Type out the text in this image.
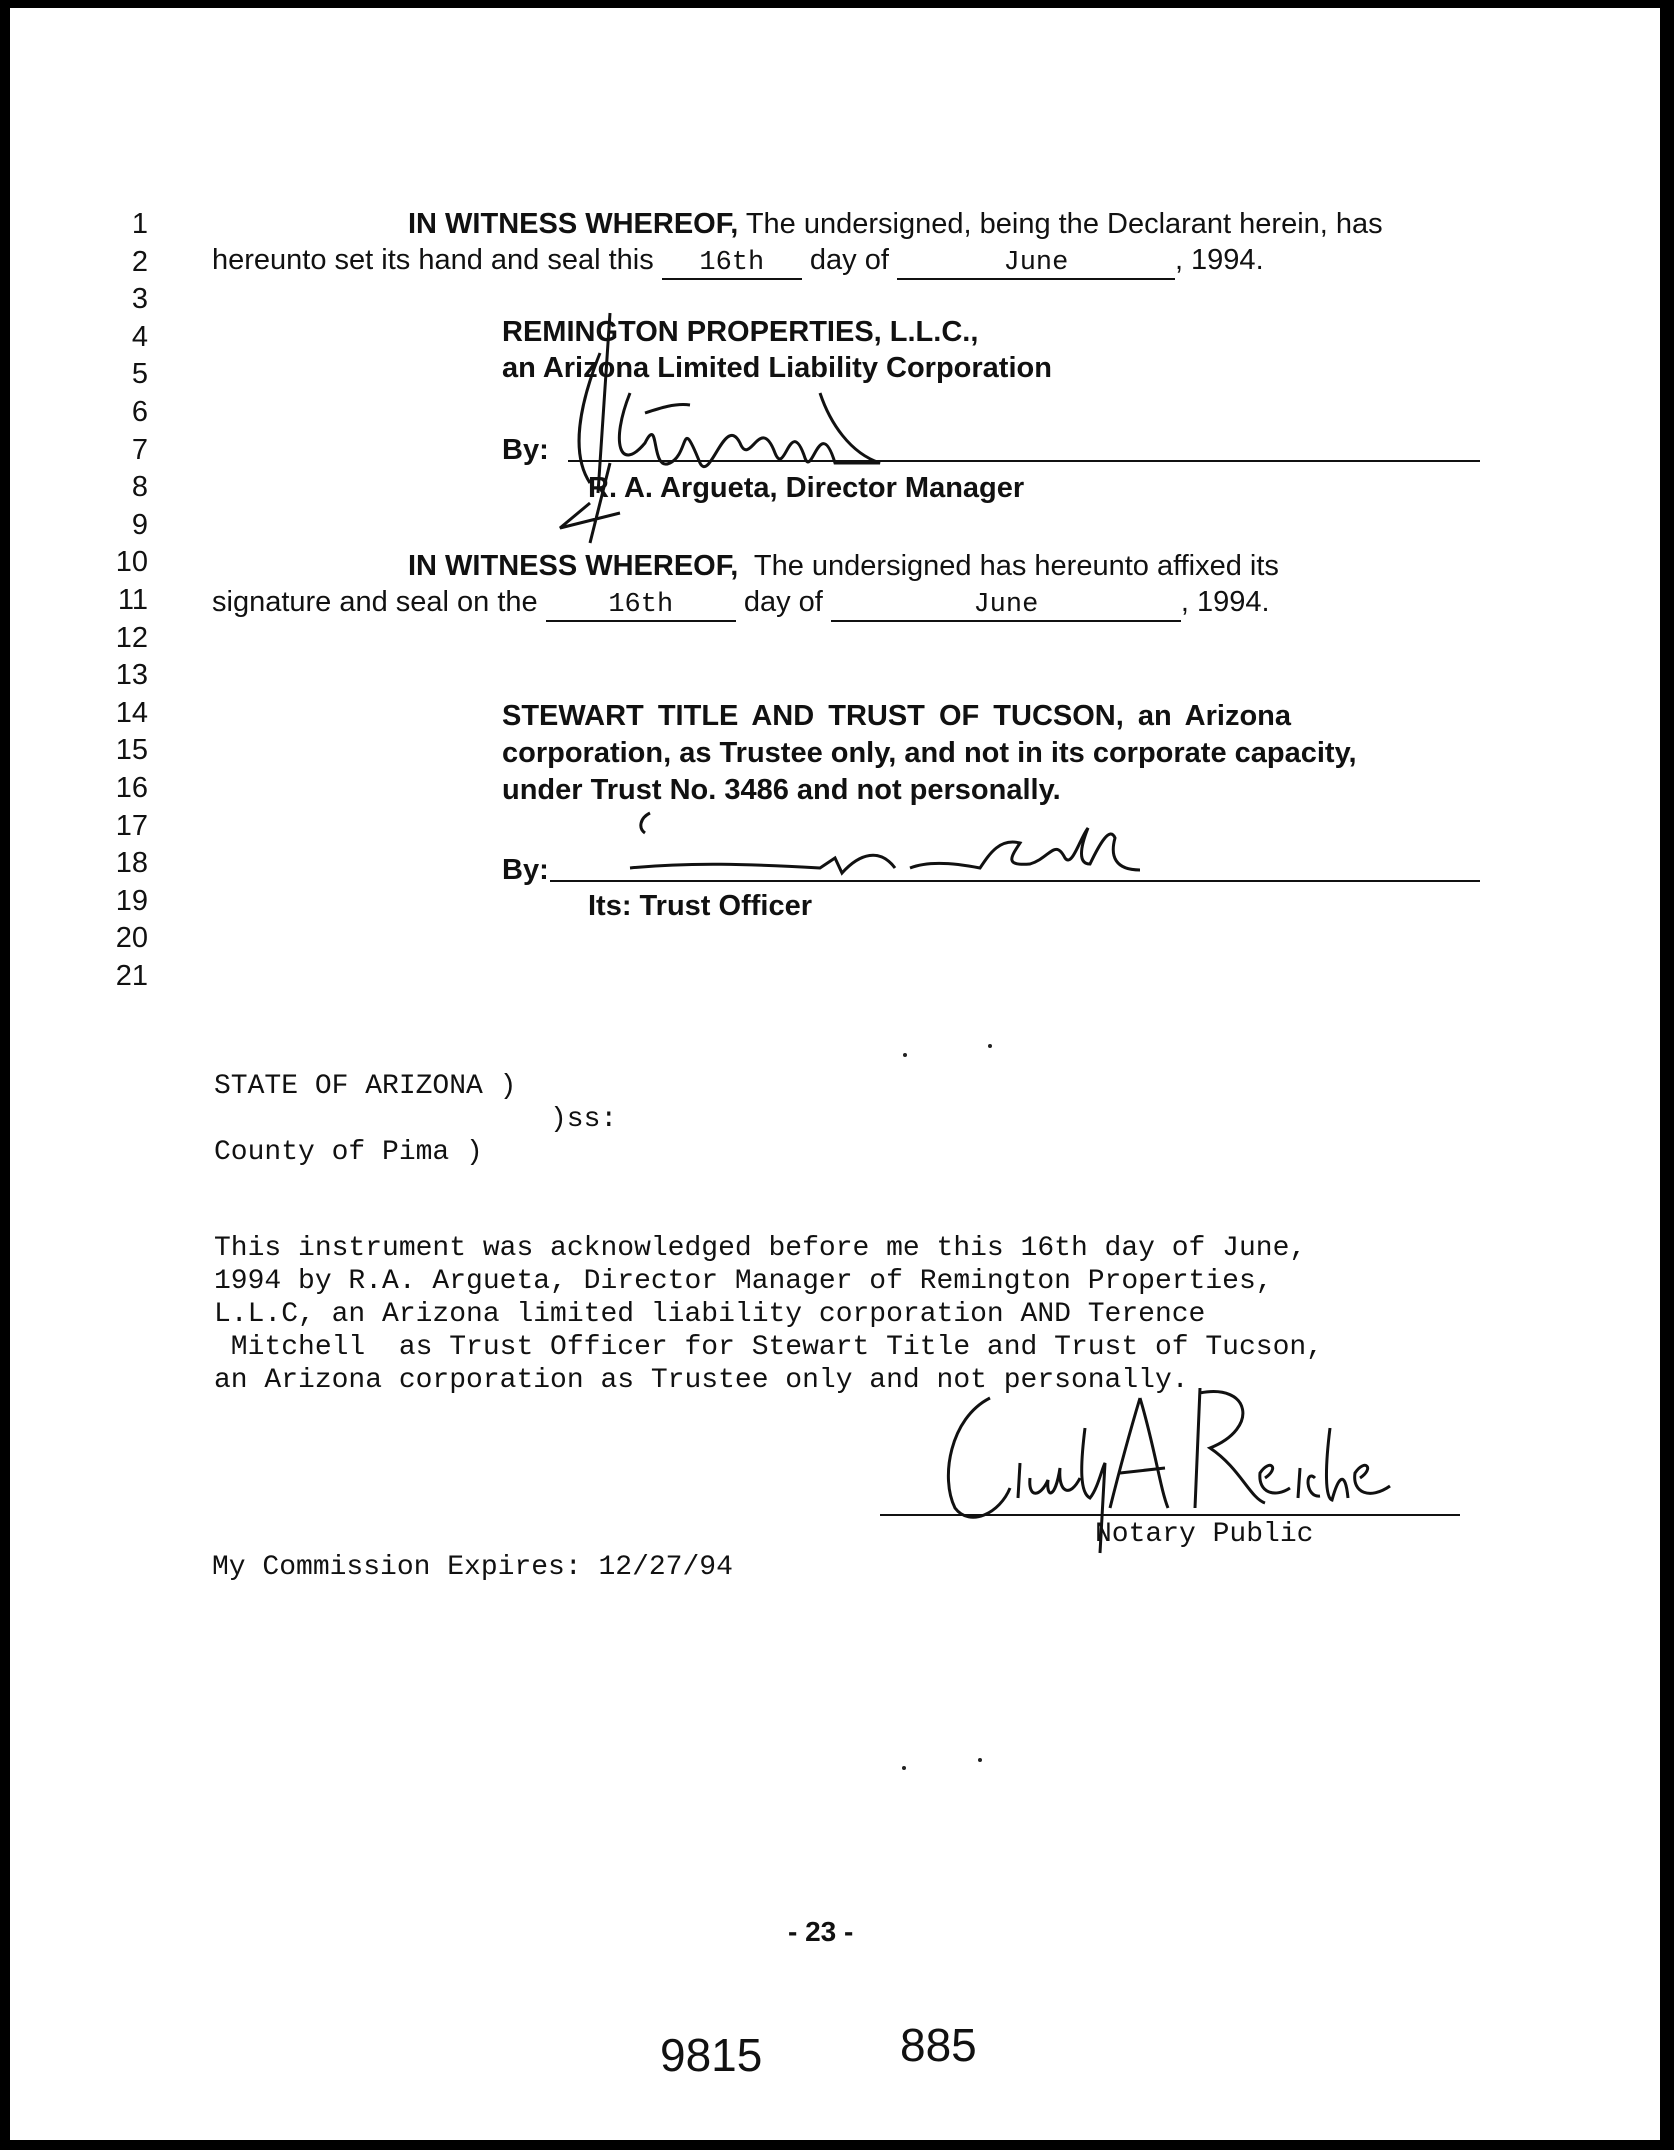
1
2
3
4
5
6
7
8
9
10
11
12
13
14
15
16
17
18
19
20
21
IN WITNESS WHEREOF, The undersigned, being the Declarant herein, has
hereunto set its hand and seal this 16th day of	June	, 1994.
REMINGTON PROPERTIES, L.L.C.,
an Arizona Limited Liability Corporation
By:
R. A. Argueta, Director Manager
IN WITNESS WHEREOF, The undersigned has hereunto affixed its
signature and seal on the	16th day of	June	, 1994.
STEWART TITLE AND TRUST OF TUCSON, an Arizona
corporation, as Trustee only, and not in its corporate capacity,
under Trust No. 3486 and not personally.
By:
Its: Trust Officer
STATE OF ARIZONA )
)ss:
County of Pima )
This instrument was acknowledged before me this 16th day of June,
1994 by R.A. Argueta, Director Manager of Remington Properties,
L.L.C, an Arizona limited liability corporation AND Terence
Mitchell  as Trust Officer for Stewart Title and Trust of Tucson,
an Arizona corporation as Trustee only and not personally.
Notary Public
My Commission Expires: 12/27/94
- 23 -
9815	885
